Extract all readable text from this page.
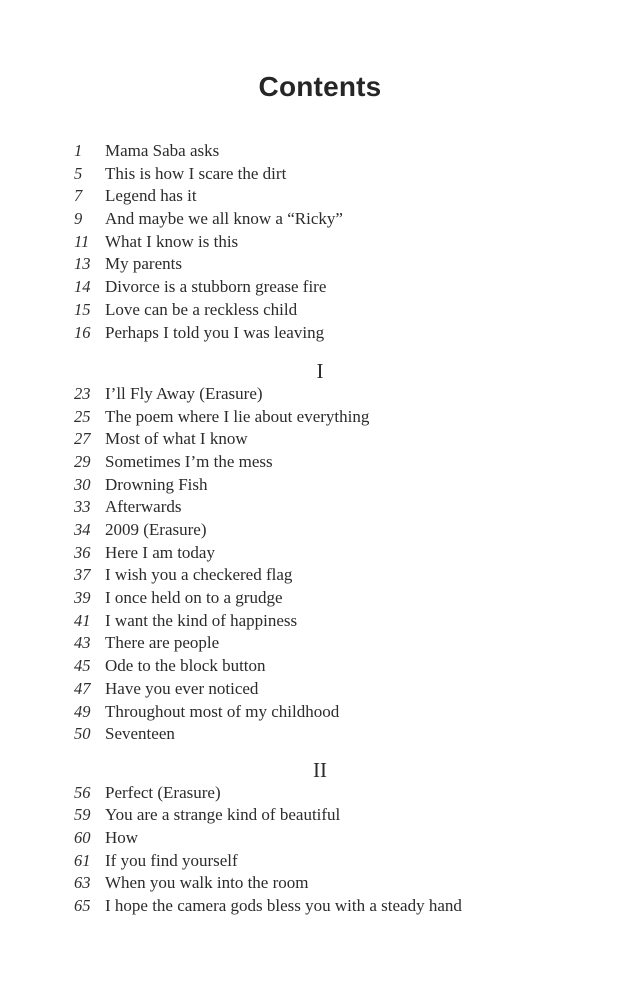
Contents
1 Mama Saba asks
5 This is how I scare the dirt
7 Legend has it
9 And maybe we all know a “Ricky”
11 What I know is this
13 My parents
14 Divorce is a stubborn grease fire
15 Love can be a reckless child
16 Perhaps I told you I was leaving
I
23 I’ll Fly Away (Erasure)
25 The poem where I lie about everything
27 Most of what I know
29 Sometimes I’m the mess
30 Drowning Fish
33 Afterwards
34 2009 (Erasure)
36 Here I am today
37 I wish you a checkered flag
39 I once held on to a grudge
41 I want the kind of happiness
43 There are people
45 Ode to the block button
47 Have you ever noticed
49 Throughout most of my childhood
50 Seventeen
II
56 Perfect (Erasure)
59 You are a strange kind of beautiful
60 How
61 If you find yourself
63 When you walk into the room
65 I hope the camera gods bless you with a steady hand
